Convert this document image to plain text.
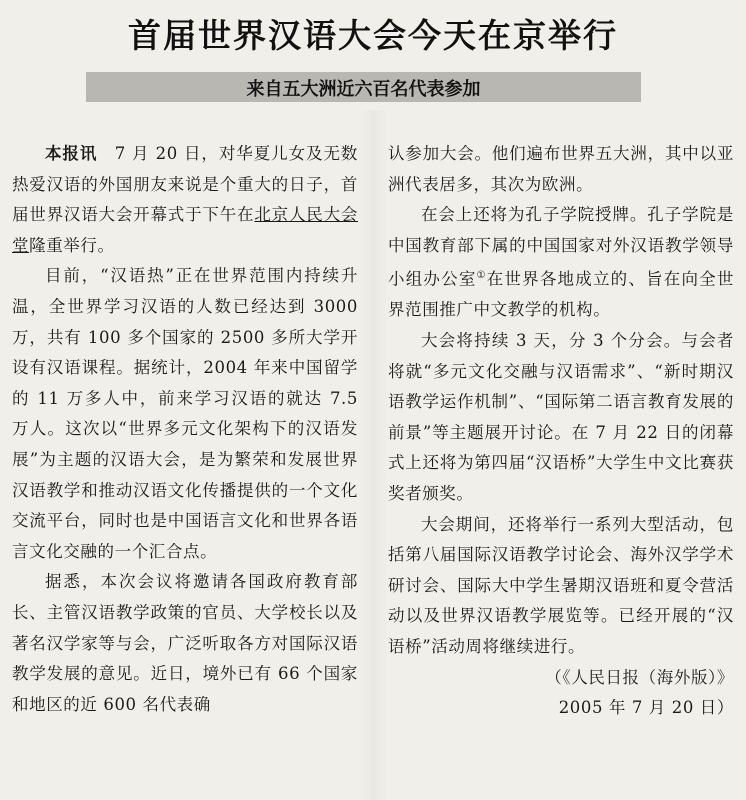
首届世界汉语大会今天在京举行
来自五大洲近六百名代表参加

本报讯　 7 月 20 日，对华夏儿女及无数热爱汉语的外国朋友来说是个重大的日子，首届世界汉语大会开幕式于下午在北京人民大会堂隆重举行。

目前，“汉语热”正在世界范围内持续升温，全世界学习汉语的人数已经达到 3000 万，共有 100 多个国家的 2500 多所大学开设有汉语课程。据统计，2004 年来中国留学的 11 万多人中，前来学习汉语的就达 7.5 万人。这次以“世界多元文化架构下的汉语发展”为主题的汉语大会，是为繁荣和发展世界汉语教学和推动汉语文化传播提供的一个文化交流平台，同时也是中国语言文化和世界各语言文化交融的一个汇合点。

据悉，本次会议将邀请各国政府教育部长、主管汉语教学政策的官员、大学校长以及著名汉学家等与会，广泛听取各方对国际汉语教学发展的意见。近日，境外已有 66 个国家和地区的近 600 名代表确

认参加大会。他们遍布世界五大洲，其中以亚洲代表居多，其次为欧洲。

在会上还将为孔子学院授牌。孔子学院是中国教育部下属的中国国家对外汉语教学领导小组办公室①在世界各地成立的、旨在向全世界范围推广中文教学的机构。

大会将持续 3 天，分 3 个分会。与会者将就“多元文化交融与汉语需求”、“新时期汉语教学运作机制”、“国际第二语言教育发展的前景”等主题展开讨论。在 7 月 22 日的闭幕式上还将为第四届“汉语桥”大学生中文比赛获奖者颁奖。

大会期间，还将举行一系列大型活动，包括第八届国际汉语教学讨论会、海外汉学学术研讨会、国际大中学生暑期汉语班和夏令营活动以及世界汉语教学展览等。已经开展的“汉语桥”活动周将继续进行。

（《人民日报（海外版）》

2005 年 7 月 20 日）
